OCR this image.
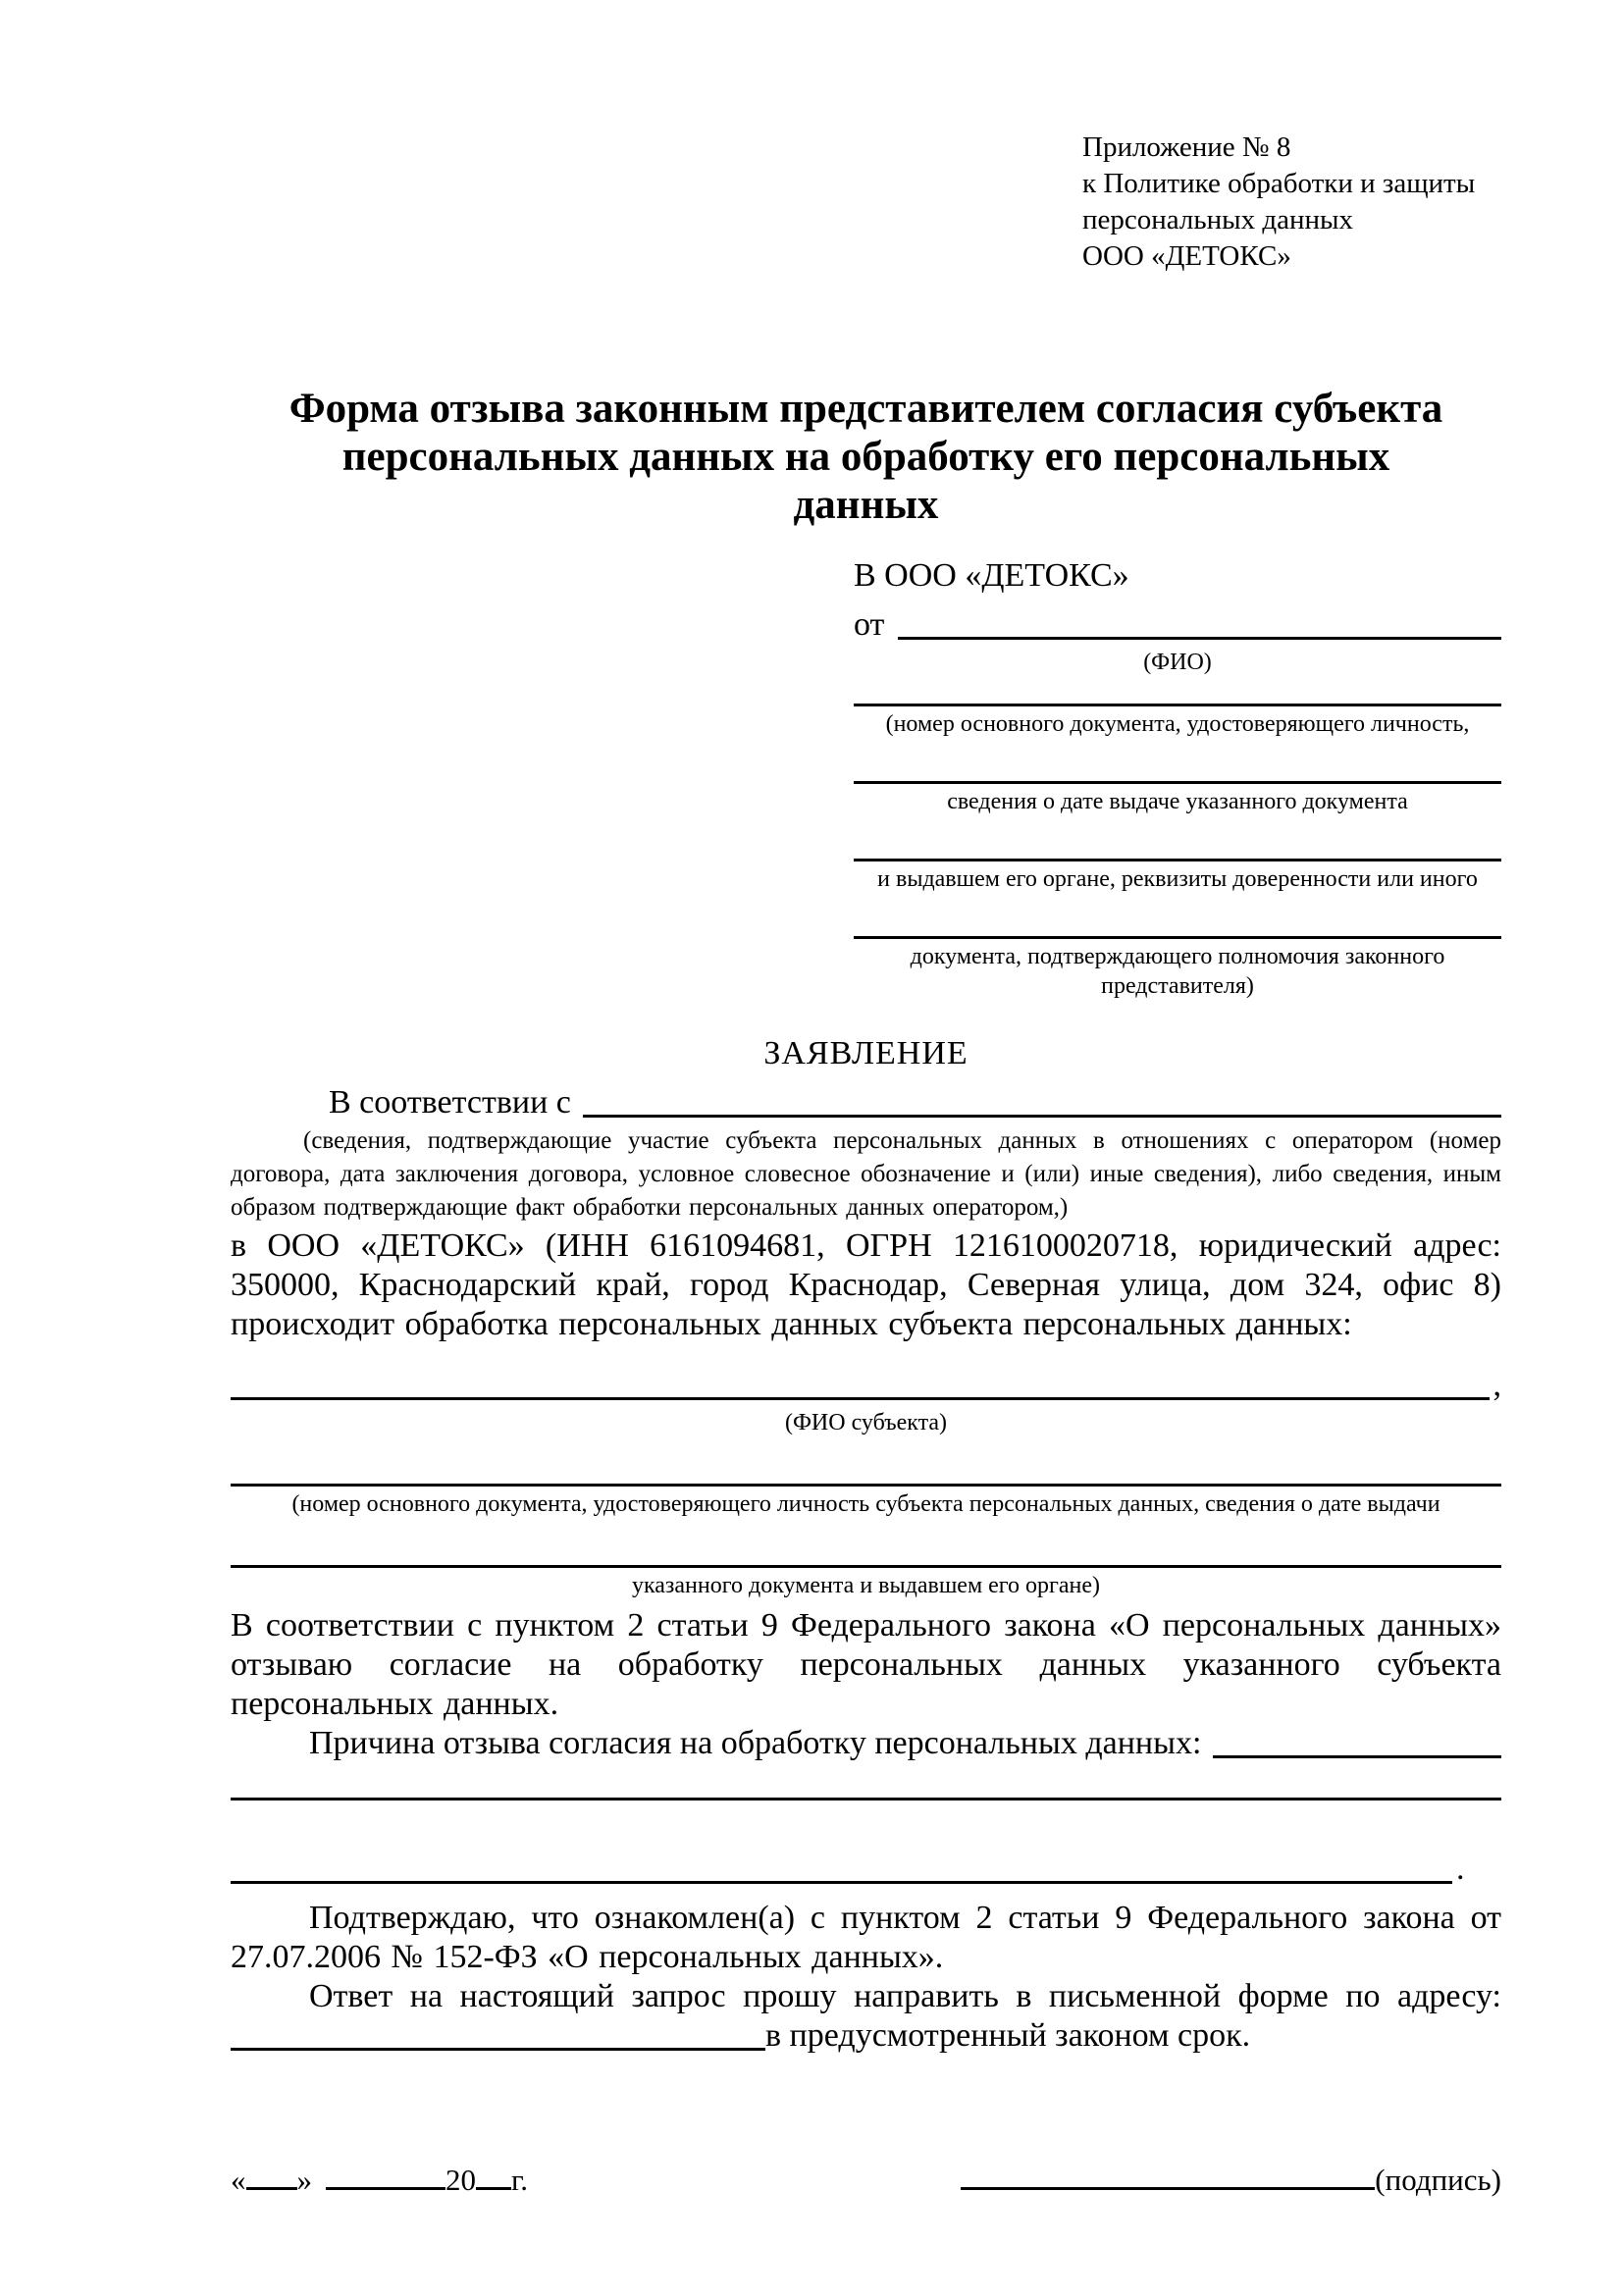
Приложение № 8
к Политике обработки и защиты
персональных данных
ООО «ДЕТОКС»
Форма отзыва законным представителем согласия субъекта персональных данных на обработку его персональных данных
В ООО «ДЕТОКС»
от
(ФИО)
(номер основного документа, удостоверяющего личность,
сведения о дате выдаче указанного документа
и выдавшем его органе, реквизиты доверенности или иного
документа, подтверждающего полномочия законного представителя)
ЗАЯВЛЕНИЕ
В соответствии с
(сведения, подтверждающие участие субъекта персональных данных в отношениях с оператором (номер договора, дата заключения договора, условное словесное обозначение и (или) иные сведения), либо сведения, иным образом подтверждающие факт обработки персональных данных оператором,)

в ООО «ДЕТОКС» (ИНН 6161094681, ОГРН 1216100020718, юридический адрес: 350000, Краснодарский край, город Краснодар, Северная улица, дом 324, офис 8) происходит обработка персональных данных субъекта персональных данных:

,
(ФИО субъекта)
(номер основного документа, удостоверяющего личность субъекта персональных данных, сведения о дате выдачи
указанного документа и выдавшем его органе)

В соответствии с пунктом 2 статьи 9 Федерального закона «О персональных данных» отзываю согласие на обработку персональных данных указанного субъекта персональных данных.

Причина отзыва согласия на обработку персональных данных:
.

Подтверждаю, что ознакомлен(а) с пунктом 2 статьи 9 Федерального закона от 27.07.2006 № 152-ФЗ «О персональных данных».

Ответ на настоящий запрос прошу направить в письменной форме по адресу:

в предусмотренный законом срок.
« »	20 г.	(подпись)
